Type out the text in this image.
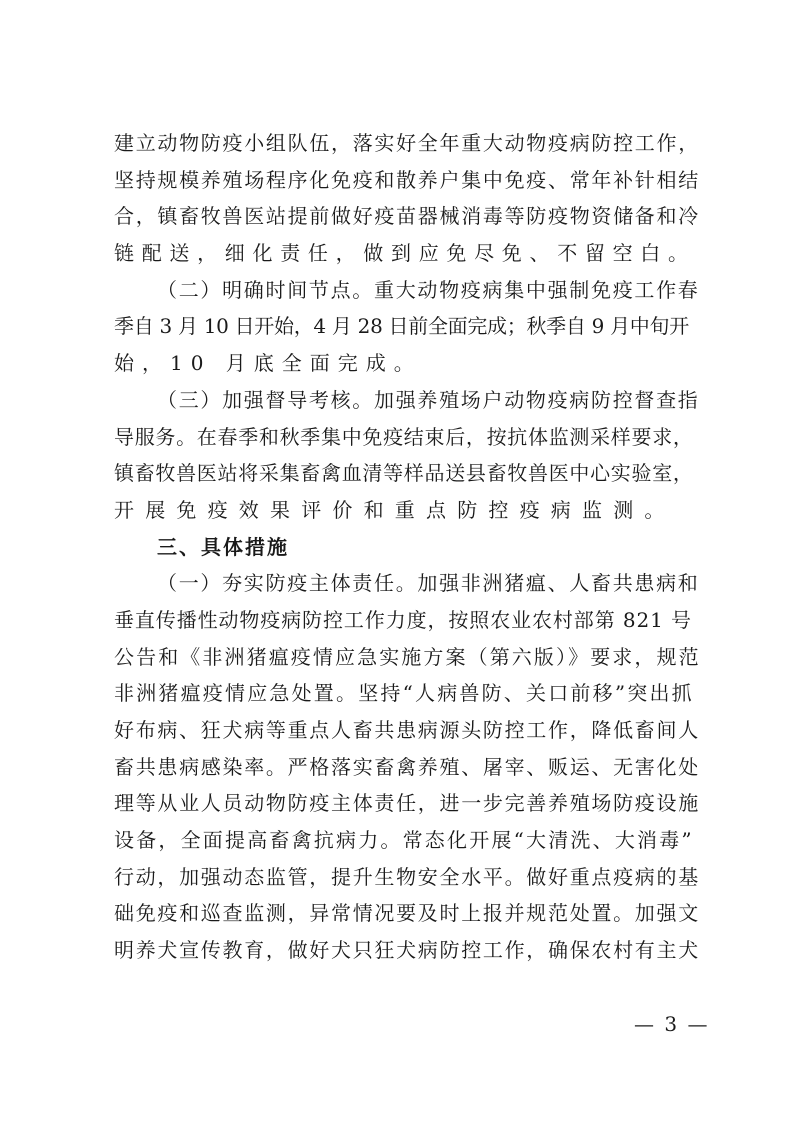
建立动物防疫小组队伍，落实好全年重大动物疫病防控工作，
坚持规模养殖场程序化免疫和散养户集中免疫、常年补针相结
合，镇畜牧兽医站提前做好疫苗器械消毒等防疫物资储备和冷
链配送，细化责任，做到应免尽免、不留空白。
（二）明确时间节点。重大动物疫病集中强制免疫工作春
季自 3 月 10 日开始，4 月 28 日前全面完成；秋季自 9 月中旬开
始，10 月底全面完成。
（三）加强督导考核。加强养殖场户动物疫病防控督查指
导服务。在春季和秋季集中免疫结束后，按抗体监测采样要求，
镇畜牧兽医站将采集畜禽血清等样品送县畜牧兽医中心实验室，
开展免疫效果评价和重点防控疫病监测。
三、具体措施
（一）夯实防疫主体责任。加强非洲猪瘟、人畜共患病和
垂直传播性动物疫病防控工作力度，按照农业农村部第 821 号
公告和《非洲猪瘟疫情应急实施方案（第六版）》要求，规范
非洲猪瘟疫情应急处置。坚持“人病兽防、关口前移”突出抓
好布病、狂犬病等重点人畜共患病源头防控工作，降低畜间人
畜共患病感染率。严格落实畜禽养殖、屠宰、贩运、无害化处
理等从业人员动物防疫主体责任，进一步完善养殖场防疫设施
设备，全面提高畜禽抗病力。常态化开展“大清洗、大消毒”
行动，加强动态监管，提升生物安全水平。做好重点疫病的基
础免疫和巡查监测，异常情况要及时上报并规范处置。加强文
明养犬宣传教育，做好犬只狂犬病防控工作，确保农村有主犬
— 3 —
